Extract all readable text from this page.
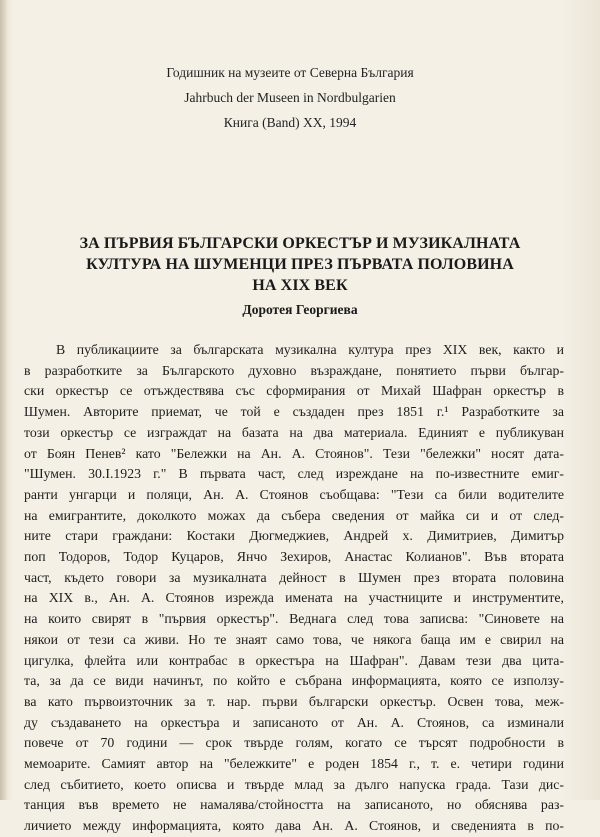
Годишник на музеите от Северна България
Jahrbuch der Museen in Nordbulgarien
Книга (Band) XX, 1994
ЗА ПЪРВИЯ БЪЛГАРСКИ ОРКЕСТЪР И МУЗИКАЛНАТА
КУЛТУРА НА ШУМЕНЦИ ПРЕЗ ПЪРВАТА ПОЛОВИНА
НА XIX ВЕК
Доротея Георгиева
В публикациите за българската музикална култура през XIX век, както и
в разработките за Българското духовно възраждане, понятието първи българ-
ски оркестър се отъждествява със сформирания от Михай Шафран оркестър в
Шумен. Авторите приемат, че той е създаден през 1851 г.¹ Разработките за
този оркестър се изграждат на базата на два материала. Единият е публикуван
от Боян Пенев² като "Бележки на Ан. А. Стоянов". Тези "бележки" носят дата-
"Шумен. 30.I.1923 г." В първата част, след изреждане на по-известните емиг-
ранти унгарци и поляци, Ан. А. Стоянов съобщава: "Тези са били водителите
на емигрантите, доколкото можах да събера сведения от майка си и от след-
ните стари граждани: Костаки Дюгмеджиев, Андрей х. Димитриев, Димитър
поп Тодоров, Тодор Куцаров, Янчо Зехиров, Анастас Колианов". Във втората
част, където говори за музикалната дейност в Шумен през втората половина
на XIX в., Ан. А. Стоянов изрежда имената на участниците и инструментите,
на които свирят в "първия оркестър". Веднага след това записва: "Синовете на
някои от тези са живи. Но те знаят само това, че някога баща им е свирил на
цигулка, флейта или контрабас в оркестъра на Шафран". Давам тези два цита-
та, за да се види начинът, по който е събрана информацията, която се използу-
ва като първоизточник за т. нар. първи български оркестър. Освен това, меж-
ду създаването на оркестъра и записаното от Ан. А. Стоянов, са изминали
повече от 70 години — срок твърде голям, когато се търсят подробности в
мемоарите. Самият автор на "бележките" е роден 1854 г., т. е. четири години
след събитието, което описва и твърде млад за дълго напуска града. Тази дис-
танция във времето не намалява/стойността на записаното, но обяснява раз-
личието между информацията, която дава Ан. А. Стоянов, и сведенията в по-
